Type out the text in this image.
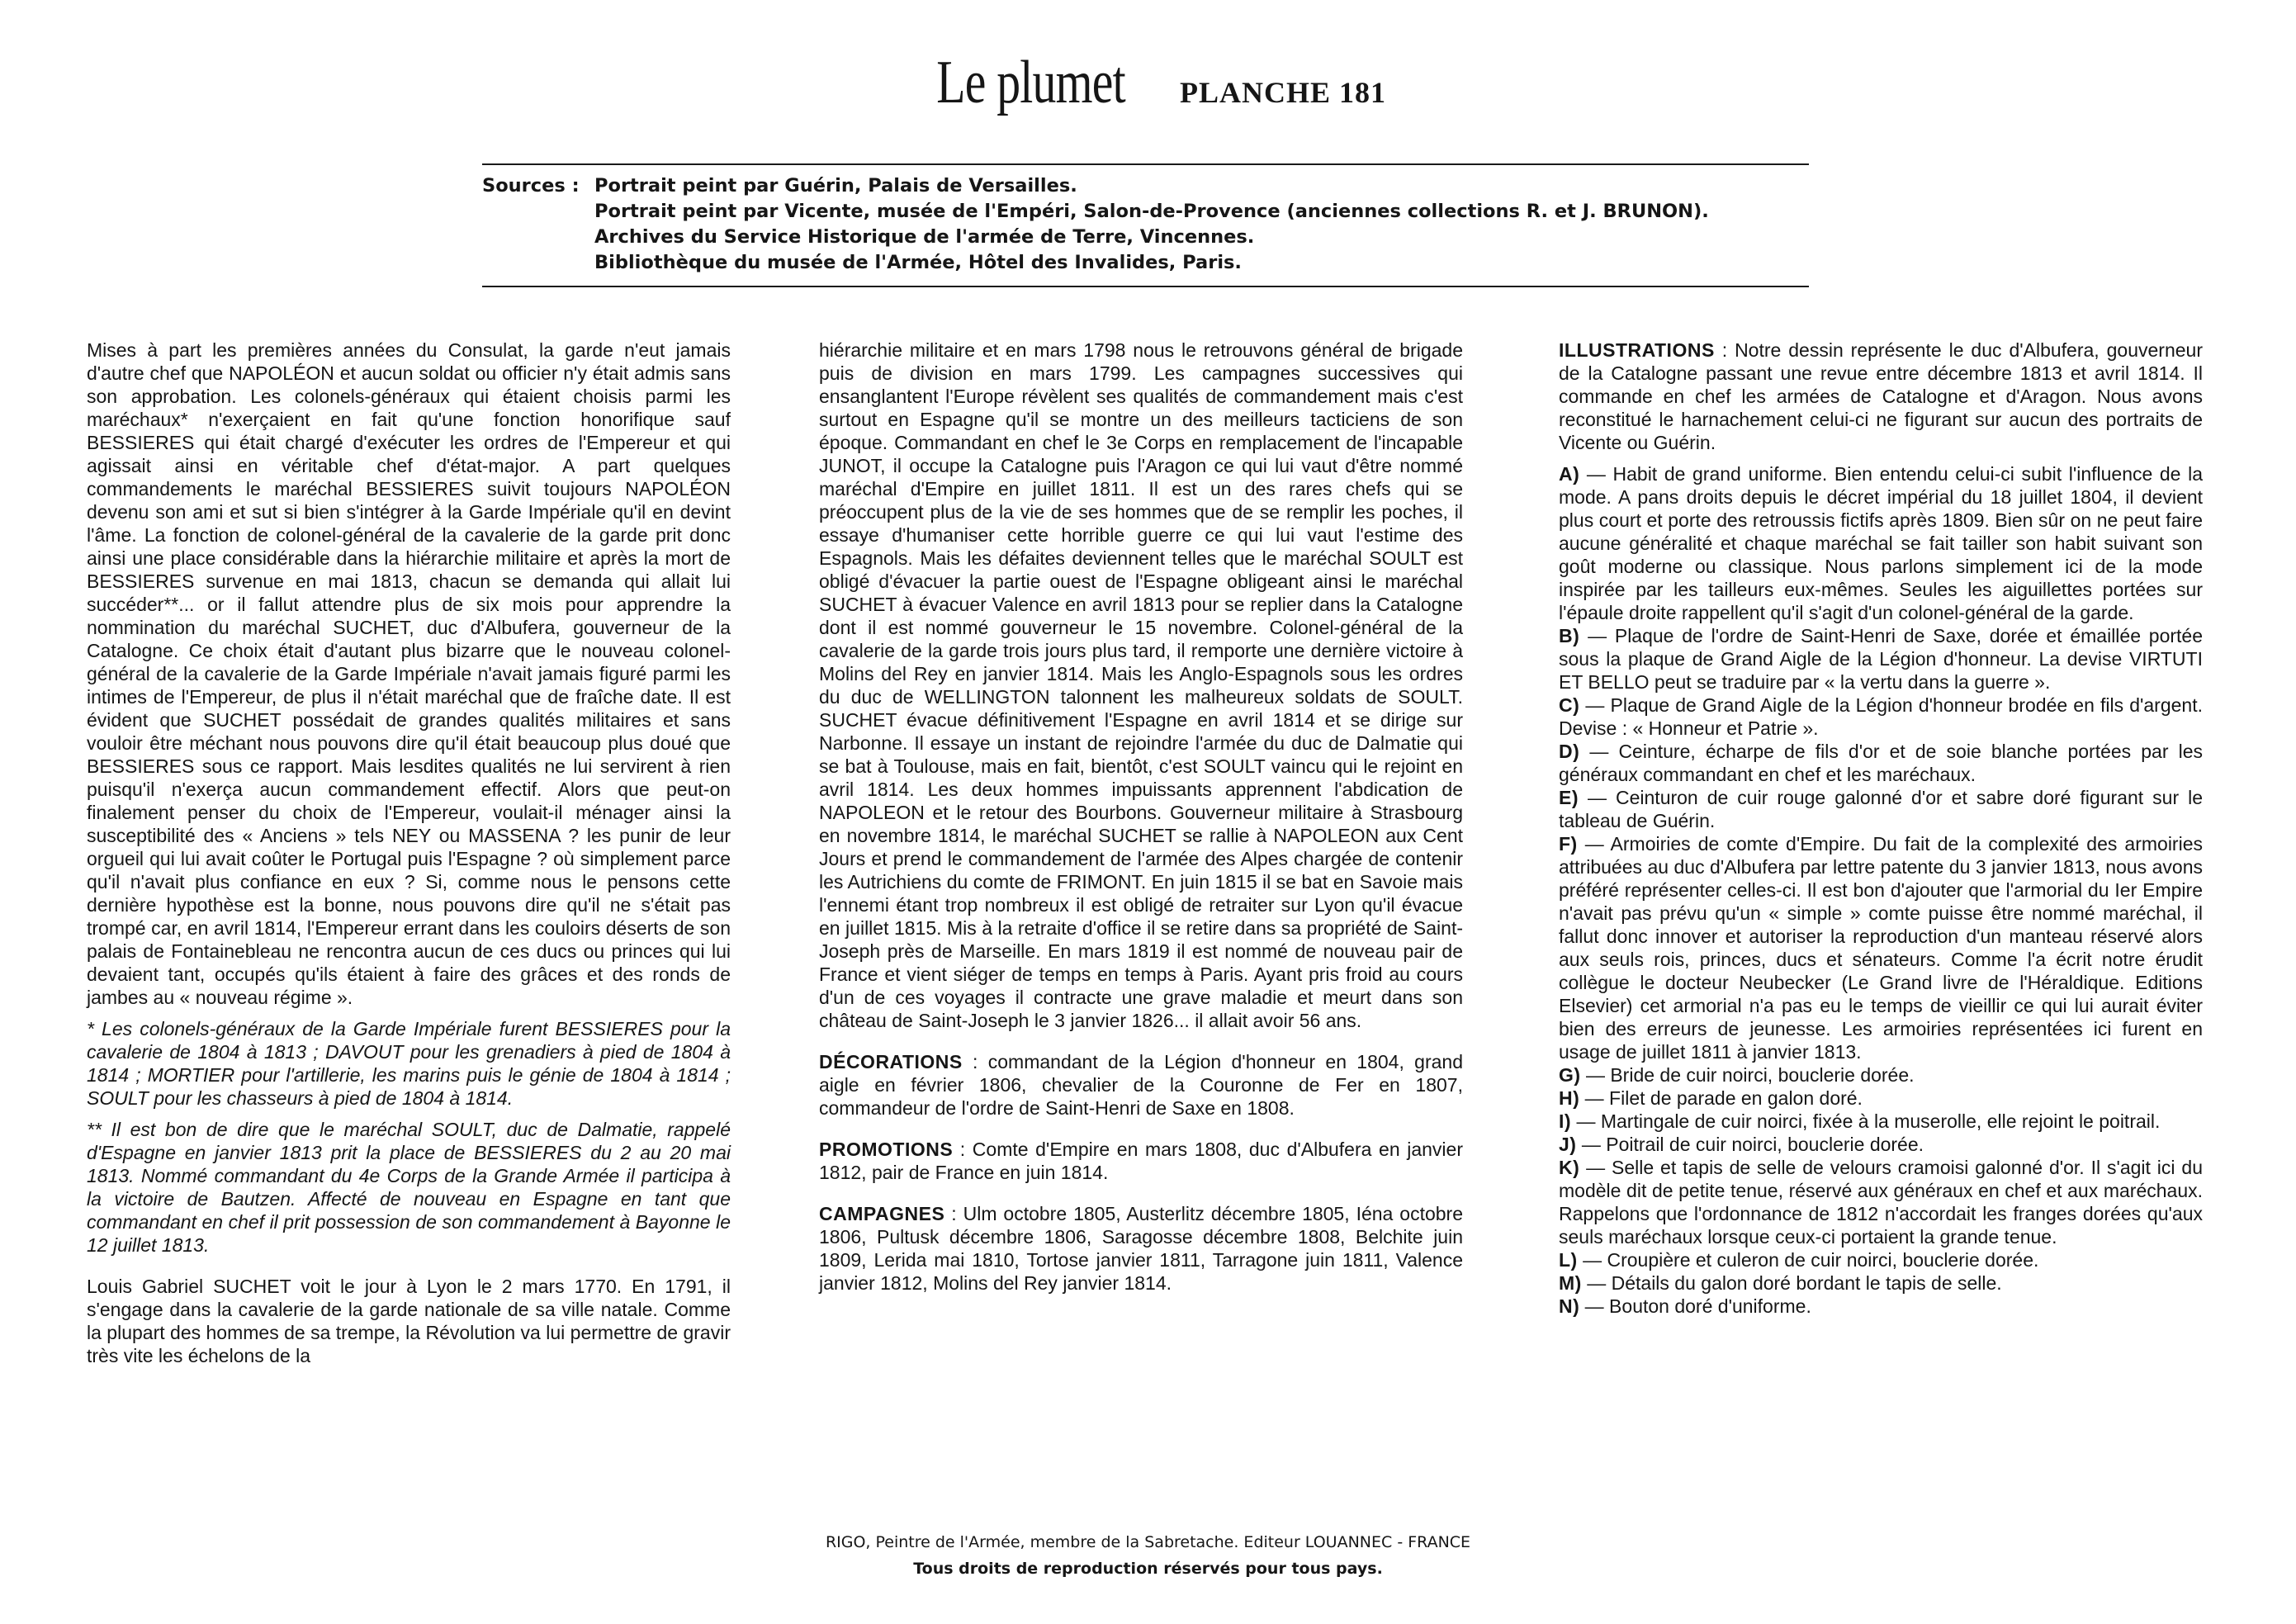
Le plumet PLANCHE 181
Sources : Portrait peint par Guérin, Palais de Versailles.
Portrait peint par Vicente, musée de l'Empéri, Salon-de-Provence (anciennes collections R. et J. BRUNON).
Archives du Service Historique de l'armée de Terre, Vincennes.
Bibliothèque du musée de l'Armée, Hôtel des Invalides, Paris.

Mises à part les premières années du Consulat, la garde n'eut jamais d'autre chef que NAPOLÉON et aucun soldat ou officier n'y était admis sans son approbation. Les colonels-généraux qui étaient choisis parmi les maréchaux* n'exerçaient en fait qu'une fonction honorifique sauf BESSIERES qui était chargé d'exécuter les ordres de l'Empereur et qui agissait ainsi en véritable chef d'état-major. A part quelques commandements le maréchal BESSIERES suivit toujours NAPOLÉON devenu son ami et sut si bien s'intégrer à la Garde Impériale qu'il en devint l'âme. La fonction de colonel-général de la cavalerie de la garde prit donc ainsi une place considérable dans la hiérarchie militaire et après la mort de BESSIERES survenue en mai 1813, chacun se demanda qui allait lui succéder**... or il fallut attendre plus de six mois pour apprendre la nommination du maréchal SUCHET, duc d'Albufera, gouverneur de la Catalogne. Ce choix était d'autant plus bizarre que le nouveau colonel-général de la cavalerie de la Garde Impériale n'avait jamais figuré parmi les intimes de l'Empereur, de plus il n'était maréchal que de fraîche date. Il est évident que SUCHET possédait de grandes qualités militaires et sans vouloir être méchant nous pouvons dire qu'il était beaucoup plus doué que BESSIERES sous ce rapport. Mais lesdites qualités ne lui servirent à rien puisqu'il n'exerça aucun commandement effectif. Alors que peut-on finalement penser du choix de l'Empereur, voulait-il ménager ainsi la susceptibilité des « Anciens » tels NEY ou MASSENA ? les punir de leur orgueil qui lui avait coûter le Portugal puis l'Espagne ? où simplement parce qu'il n'avait plus confiance en eux ? Si, comme nous le pensons cette dernière hypothèse est la bonne, nous pouvons dire qu'il ne s'était pas trompé car, en avril 1814, l'Empereur errant dans les couloirs déserts de son palais de Fontainebleau ne rencontra aucun de ces ducs ou princes qui lui devaient tant, occupés qu'ils étaient à faire des grâces et des ronds de jambes au « nouveau régime ».

* Les colonels-généraux de la Garde Impériale furent BESSIERES pour la cavalerie de 1804 à 1813 ; DAVOUT pour les grenadiers à pied de 1804 à 1814 ; MORTIER pour l'artillerie, les marins puis le génie de 1804 à 1814 ; SOULT pour les chasseurs à pied de 1804 à 1814.

** Il est bon de dire que le maréchal SOULT, duc de Dalmatie, rappelé d'Espagne en janvier 1813 prit la place de BESSIERES du 2 au 20 mai 1813. Nommé commandant du 4e Corps de la Grande Armée il participa à la victoire de Bautzen. Affecté de nouveau en Espagne en tant que commandant en chef il prit possession de son commandement à Bayonne le 12 juillet 1813.

Louis Gabriel SUCHET voit le jour à Lyon le 2 mars 1770. En 1791, il s'engage dans la cavalerie de la garde nationale de sa ville natale. Comme la plupart des hommes de sa trempe, la Révolution va lui permettre de gravir très vite les échelons de la

hiérarchie militaire et en mars 1798 nous le retrouvons général de brigade puis de division en mars 1799. Les campagnes successives qui ensanglantent l'Europe révèlent ses qualités de commandement mais c'est surtout en Espagne qu'il se montre un des meilleurs tacticiens de son époque. Commandant en chef le 3e Corps en remplacement de l'incapable JUNOT, il occupe la Catalogne puis l'Aragon ce qui lui vaut d'être nommé maréchal d'Empire en juillet 1811. Il est un des rares chefs qui se préoccupent plus de la vie de ses hommes que de se remplir les poches, il essaye d'humaniser cette horrible guerre ce qui lui vaut l'estime des Espagnols. Mais les défaites deviennent telles que le maréchal SOULT est obligé d'évacuer la partie ouest de l'Espagne obligeant ainsi le maréchal SUCHET à évacuer Valence en avril 1813 pour se replier dans la Catalogne dont il est nommé gouverneur le 15 novembre. Colonel-général de la cavalerie de la garde trois jours plus tard, il remporte une dernière victoire à Molins del Rey en janvier 1814. Mais les Anglo-Espagnols sous les ordres du duc de WELLINGTON talonnent les malheureux soldats de SOULT. SUCHET évacue définitivement l'Espagne en avril 1814 et se dirige sur Narbonne. Il essaye un instant de rejoindre l'armée du duc de Dalmatie qui se bat à Toulouse, mais en fait, bientôt, c'est SOULT vaincu qui le rejoint en avril 1814. Les deux hommes impuissants apprennent l'abdication de NAPOLEON et le retour des Bourbons. Gouverneur militaire à Strasbourg en novembre 1814, le maréchal SUCHET se rallie à NAPOLEON aux Cent Jours et prend le commandement de l'armée des Alpes chargée de contenir les Autrichiens du comte de FRIMONT. En juin 1815 il se bat en Savoie mais l'ennemi étant trop nombreux il est obligé de retraiter sur Lyon qu'il évacue en juillet 1815. Mis à la retraite d'office il se retire dans sa propriété de Saint-Joseph près de Marseille. En mars 1819 il est nommé de nouveau pair de France et vient siéger de temps en temps à Paris. Ayant pris froid au cours d'un de ces voyages il contracte une grave maladie et meurt dans son château de Saint-Joseph le 3 janvier 1826... il allait avoir 56 ans.

DÉCORATIONS : commandant de la Légion d'honneur en 1804, grand aigle en février 1806, chevalier de la Couronne de Fer en 1807, commandeur de l'ordre de Saint-Henri de Saxe en 1808.

PROMOTIONS : Comte d'Empire en mars 1808, duc d'Albufera en janvier 1812, pair de France en juin 1814.

CAMPAGNES : Ulm octobre 1805, Austerlitz décembre 1805, Iéna octobre 1806, Pultusk décembre 1806, Saragosse décembre 1808, Belchite juin 1809, Lerida mai 1810, Tortose janvier 1811, Tarragone juin 1811, Valence janvier 1812, Molins del Rey janvier 1814.

ILLUSTRATIONS : Notre dessin représente le duc d'Albufera, gouverneur de la Catalogne passant une revue entre décembre 1813 et avril 1814. Il commande en chef les armées de Catalogne et d'Aragon. Nous avons reconstitué le harnachement celui-ci ne figurant sur aucun des portraits de Vicente ou Guérin.

A) — Habit de grand uniforme. Bien entendu celui-ci subit l'influence de la mode. A pans droits depuis le décret impérial du 18 juillet 1804, il devient plus court et porte des retroussis fictifs après 1809. Bien sûr on ne peut faire aucune généralité et chaque maréchal se fait tailler son habit suivant son goût moderne ou classique. Nous parlons simplement ici de la mode inspirée par les tailleurs eux-mêmes. Seules les aiguillettes portées sur l'épaule droite rappellent qu'il s'agit d'un colonel-général de la garde.
B) — Plaque de l'ordre de Saint-Henri de Saxe, dorée et émaillée portée sous la plaque de Grand Aigle de la Légion d'honneur. La devise VIRTUTI ET BELLO peut se traduire par « la vertu dans la guerre ».
C) — Plaque de Grand Aigle de la Légion d'honneur brodée en fils d'argent. Devise : « Honneur et Patrie ».
D) — Ceinture, écharpe de fils d'or et de soie blanche portées par les généraux commandant en chef et les maréchaux.
E) — Ceinturon de cuir rouge galonné d'or et sabre doré figurant sur le tableau de Guérin.
F) — Armoiries de comte d'Empire. Du fait de la complexité des armoiries attribuées au duc d'Albufera par lettre patente du 3 janvier 1813, nous avons préféré représenter celles-ci. Il est bon d'ajouter que l'armorial du Ier Empire n'avait pas prévu qu'un « simple » comte puisse être nommé maréchal, il fallut donc innover et autoriser la reproduction d'un manteau réservé alors aux seuls rois, princes, ducs et sénateurs. Comme l'a écrit notre érudit collègue le docteur Neubecker (Le Grand livre de l'Héraldique. Editions Elsevier) cet armorial n'a pas eu le temps de vieillir ce qui lui aurait éviter bien des erreurs de jeunesse. Les armoiries représentées ici furent en usage de juillet 1811 à janvier 1813.
G) — Bride de cuir noirci, bouclerie dorée.
H) — Filet de parade en galon doré.
I) — Martingale de cuir noirci, fixée à la muserolle, elle rejoint le poitrail.
J) — Poitrail de cuir noirci, bouclerie dorée.
K) — Selle et tapis de selle de velours cramoisi galonné d'or. Il s'agit ici du modèle dit de petite tenue, réservé aux généraux en chef et aux maréchaux. Rappelons que l'ordonnance de 1812 n'accordait les franges dorées qu'aux seuls maréchaux lorsque ceux-ci portaient la grande tenue.
L) — Croupière et culeron de cuir noirci, bouclerie dorée.
M) — Détails du galon doré bordant le tapis de selle.
N) — Bouton doré d'uniforme.
RIGO, Peintre de l'Armée, membre de la Sabretache. Editeur LOUANNEC - FRANCE
Tous droits de reproduction réservés pour tous pays.
